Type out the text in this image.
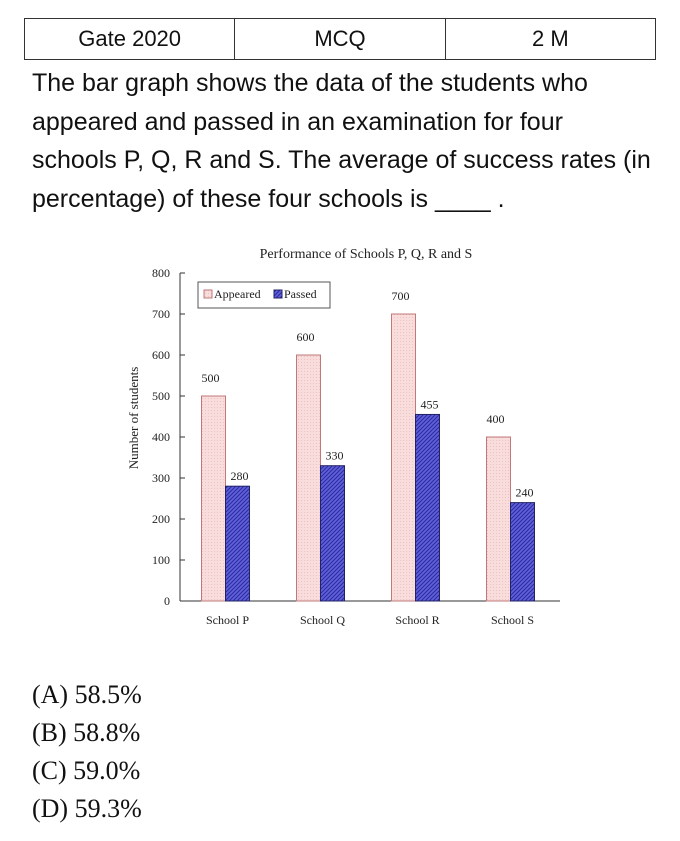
Gate 2020	MCQ	2 M

The bar graph shows the data of the students who appeared and passed in an examination for four schools P, Q, R and S. The average of success rates (in percentage) of these four schools is ____ .

Performance of Schools P, Q, R and S
Number of students
0
100
200
300
400
500
600
700
800
500
280
School P
600
330
School Q
700
455
School R
400
240
School S
Appeared Passed
(A) 58.5%
(B) 58.8%
(C) 59.0%
(D) 59.3%
